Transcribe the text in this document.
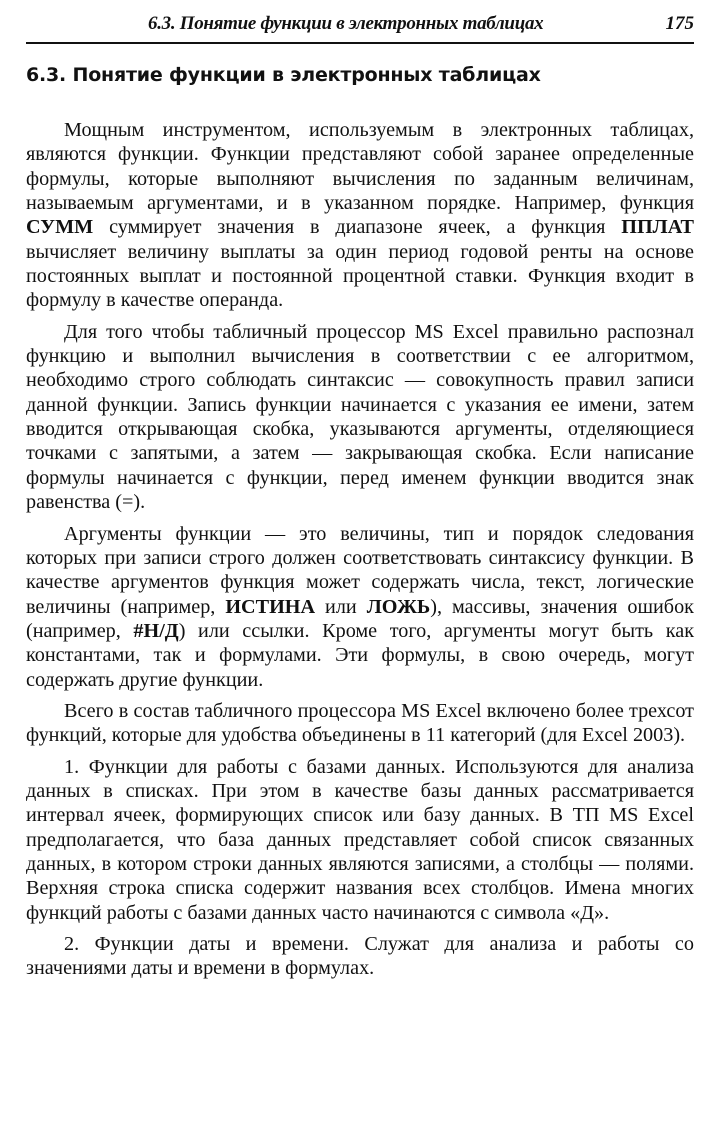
6.3. Понятие функции в электронных таблицах	175
6.3. Понятие функции в электронных таблицах

Мощным инструментом, используемым в электронных таблицах, являются функции. Функции представляют собой заранее определенные формулы, которые выполняют вычисления по заданным величинам, называемым аргументами, и в указанном порядке. Например, функция СУММ суммирует значения в диапазоне ячеек, а функция ППЛАТ вычисляет величину выплаты за один период годовой ренты на основе постоянных выплат и постоянной процентной ставки. Функция входит в формулу в качестве операнда.

Для того чтобы табличный процессор MS Excel правильно распознал функцию и выполнил вычисления в соответствии с ее алгоритмом, необходимо строго соблюдать синтаксис — совокупность правил записи данной функции. Запись функции начинается с указания ее имени, затем вводится открывающая скобка, указываются аргументы, отделяющиеся точками с запятыми, а затем — закрывающая скобка. Если написание формулы начинается с функции, перед именем функции вводится знак равенства (=).

Аргументы функции — это величины, тип и порядок следования которых при записи строго должен соответствовать синтаксису функции. В качестве аргументов функция может содержать числа, текст, логические величины (например, ИСТИНА или ЛОЖЬ), массивы, значения ошибок (например, #Н/Д) или ссылки. Кроме того, аргументы могут быть как константами, так и формулами. Эти формулы, в свою очередь, могут содержать другие функции.

Всего в состав табличного процессора MS Excel включено более трехсот функций, которые для удобства объединены в 11 категорий (для Excel 2003).

1. Функции для работы с базами данных. Используются для анализа данных в списках. При этом в качестве базы данных рассматривается интервал ячеек, формирующих список или базу данных. В ТП MS Excel предполагается, что база данных представляет собой список связанных данных, в котором строки данных являются записями, а столбцы — полями. Верхняя строка списка содержит названия всех столбцов. Имена многих функций работы с базами данных часто начинаются с символа «Д».

2. Функции даты и времени. Служат для анализа и работы со значениями даты и времени в формулах.
